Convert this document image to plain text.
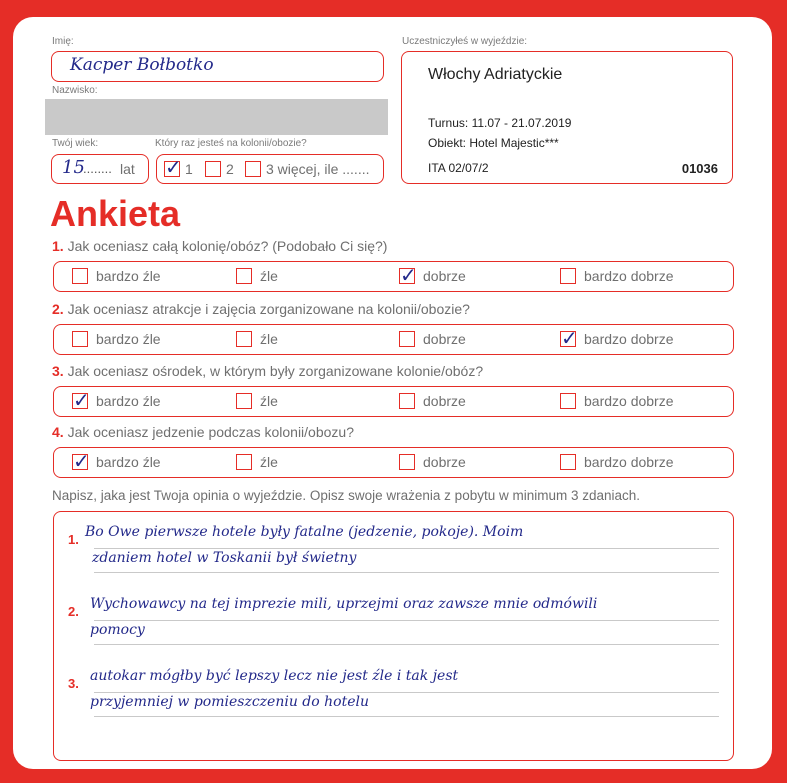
Imię:
Kacper Bołbotko
Nazwisko:
Twój wiek:
15
........ lat
Który raz jesteś na kolonii/obozie?
✓ 1 2 3 więcej, ile .......
Uczestniczyłeś w wyjeździe:
Włochy Adriatyckie
Turnus: 11.07 - 21.07.2019
Obiekt: Hotel Majestic***
ITA 02/07/2	01036
Ankieta
1. Jak oceniasz całą kolonię/obóz? (Podobało Ci się?)
bardzo źle	źle	✓ dobrze	bardzo dobrze
2. Jak oceniasz atrakcje i zajęcia zorganizowane na kolonii/obozie?
bardzo źle	źle	dobrze	✓ bardzo dobrze
3. Jak oceniasz ośrodek, w którym były zorganizowane kolonie/obóz?
✓ bardzo źle	źle	dobrze	bardzo dobrze
4. Jak oceniasz jedzenie podczas kolonii/obozu?
✓ bardzo źle	źle	dobrze	bardzo dobrze
Napisz, jaka jest Twoja opinia o wyjeździe. Opisz swoje wrażenia z pobytu w minimum 3 zdaniach.
1. Bo Owe pierwsze hotele były fatalne (jedzenie, pokoje). Moim
zdaniem hotel w Toskanii był świetny
2. Wychowawcy na tej imprezie mili, uprzejmi oraz zawsze mnie odmówili
pomocy
3. autokar mógłby być lepszy lecz nie jest źle i tak jest
przyjemniej w pomieszczeniu do hotelu
